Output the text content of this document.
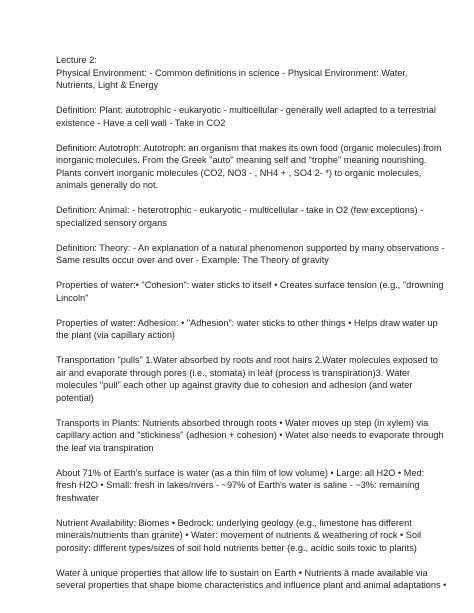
Lecture 2:

Physical Environment: - Common definitions in science - Physical Environment: Water,

Nutrients, Light & Energy

Definition: Plant: autotrophic - eukaryotic - multicellular - generally well adapted to a terrestrial

existence - Have a cell wall - Take in CO2

Definition: Autotroph: Autotroph: an organism that makes its own food (organic molecules) from

inorganic molecules. From the Greek "auto" meaning self and "trophe" meaning nourishing.

Plants convert inorganic molecules (CO2, NO3 - , NH4 + , SO4 2- *) to organic molecules,

animals generally do not.

Definition: Animal: - heterotrophic - eukaryotic - multicellular - take in O2 (few exceptions) -

specialized sensory organs

Definition: Theory: - An explanation of a natural phenomenon supported by many observations -

Same results occur over and over - Example: The Theory of gravity

Properties of water:• "Cohesion": water sticks to itself • Creates surface tension (e.g., "drowning

Lincoln"

Properties of water: Adhesion: • "Adhesion": water sticks to other things • Helps draw water up

the plant (via capillary action)

Transportation "pulls" 1.Water absorbed by roots and root hairs 2.Water molecules exposed to

air and evaporate through pores (i.e., stomata) in leaf (process is transpiration)3. Water

molecules "pull" each other up against gravity due to cohesion and adhesion (and water

potential)

Transports in Plants: Nutrients absorbed through roots • Water moves up step (in xylem) via

capillary action and "stickiness" (adhesion + cohesion) • Water also needs to evaporate through

the leaf via transpiration

About 71% of Earth's surface is water (as a thin film of low volume) • Large: all H2O • Med:

fresh H2O • Small: fresh in lakes/rivers - ~97% of Earth's water is saline - ~3%: remaining

freshwater

Nutrient Availability: Biomes • Bedrock: underlying geology (e.g., limestone has different

minerals/nutrients than granite) • Water: movement of nutrients & weathering of rock • Soil

porosity: different types/sizes of soil hold nutrients better (e.g., acidic soils toxic to plants)

Water â unique properties that allow life to sustain on Earth • Nutrients â made available via

several properties that shape biome characteristics and influence plant and animal adaptations •
